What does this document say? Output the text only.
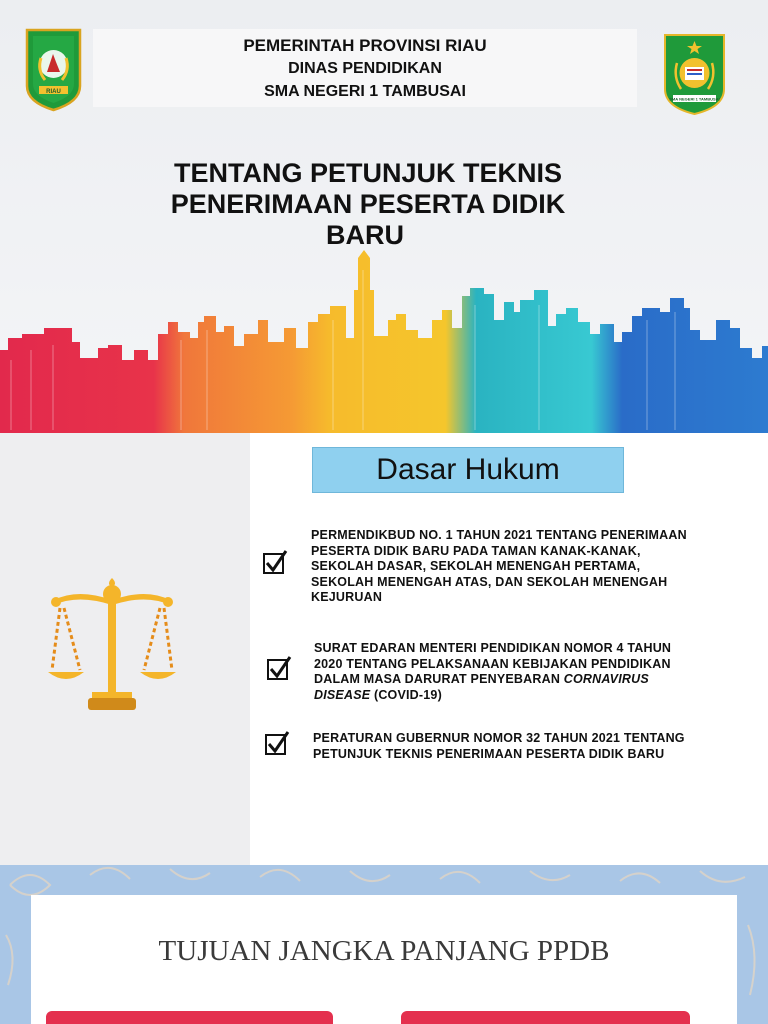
RIAU
PEMERINTAH PROVINSI RIAU
DINAS PENDIDIKAN
SMA NEGERI 1 TAMBUSAI	SMA NEGERI 1 TAMBUSAI
TENTANG PETUNJUK TEKNIS
PENERIMAAN PESERTA DIDIK
BARU
Dasar Hukum
PERMENDIKBUD NO. 1 TAHUN 2021 TENTANG PENERIMAAN
PESERTA DIDIK BARU PADA TAMAN KANAK-KANAK,
SEKOLAH DASAR, SEKOLAH MENENGAH PERTAMA,
SEKOLAH MENENGAH ATAS, DAN SEKOLAH MENENGAH
KEJURUAN
SURAT EDARAN MENTERI PENDIDIKAN NOMOR 4 TAHUN
2020 TENTANG PELAKSANAAN KEBIJAKAN PENDIDIKAN
DALAM MASA DARURAT PENYEBARAN CORNAVIRUS
DISEASE (COVID-19)
PERATURAN GUBERNUR NOMOR 32 TAHUN 2021 TENTANG
PETUNJUK TEKNIS PENERIMAAN PESERTA DIDIK BARU
TUJUAN JANGKA PANJANG PPDB
